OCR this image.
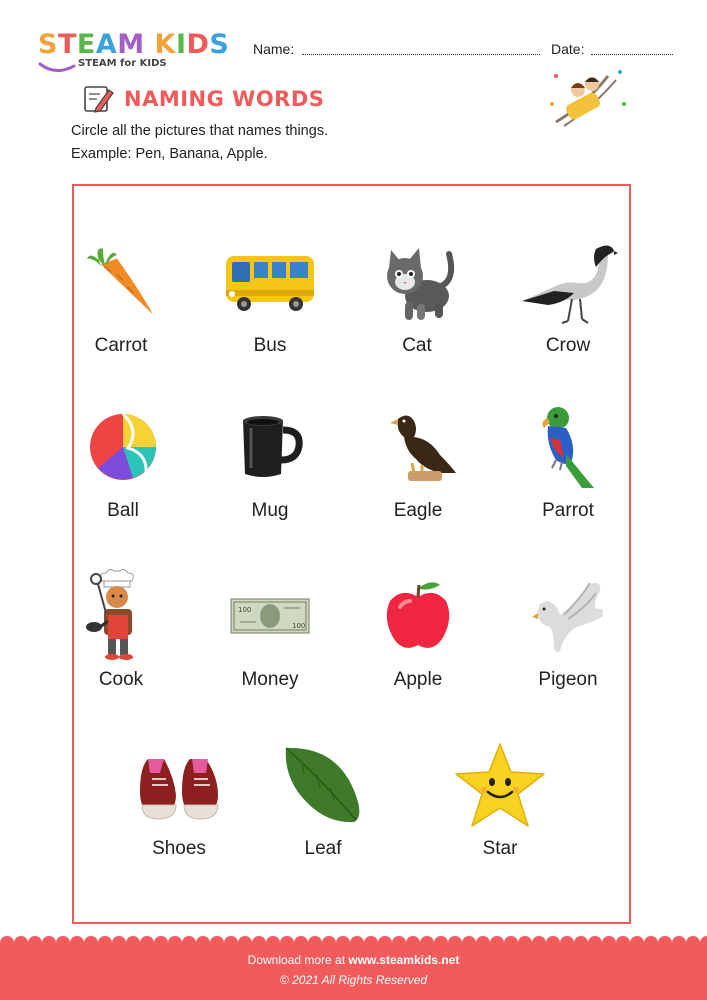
STEAM KIDS
STEAM for KIDS
Name:	Date:
NAMING WORDS
Circle all the pictures that names things.
Example: Pen, Banana, Apple.
Carrot	Bus	Cat	Crow
Ball	Mug	Eagle	Parrot
Cook
100
100
Money	Apple	Pigeon
Shoes	Leaf	Star
Download more at www.steamkids.net
© 2021 All Rights Reserved
